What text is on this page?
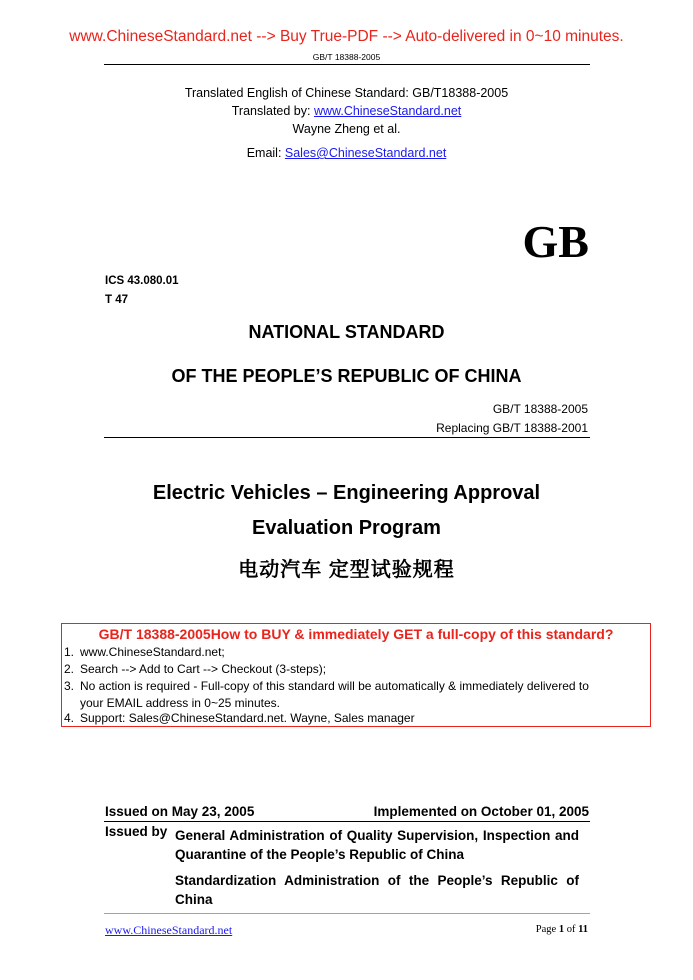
www.ChineseStandard.net --> Buy True-PDF --> Auto-delivered in 0~10 minutes.
GB/T 18388-2005
Translated English of Chinese Standard: GB/T18388-2005
Translated by: www.ChineseStandard.net
Wayne Zheng et al.
Email: Sales@ChineseStandard.net
GB
ICS 43.080.01
T 47
NATIONAL STANDARD
OF THE PEOPLE’S REPUBLIC OF CHINA
GB/T 18388-2005
Replacing GB/T 18388-2001
Electric Vehicles – Engineering Approval
Evaluation Program
电动汽车 定型试验规程
GB/T 18388-2005How to BUY & immediately GET a full-copy of this standard?
1. www.ChineseStandard.net;
2. Search --> Add to Cart --> Checkout (3-steps);
3. No action is required - Full-copy of this standard will be automatically & immediately delivered to
your EMAIL address in 0~25 minutes.
4. Support: Sales@ChineseStandard.net. Wayne, Sales manager
Issued on May 23, 2005	Implemented on October 01, 2005
Issued by General Administration of Quality Supervision, Inspection and Quarantine of the People’s Republic of China
Standardization Administration of the People’s Republic of China
www.ChineseStandard.net	Page 1 of 11
